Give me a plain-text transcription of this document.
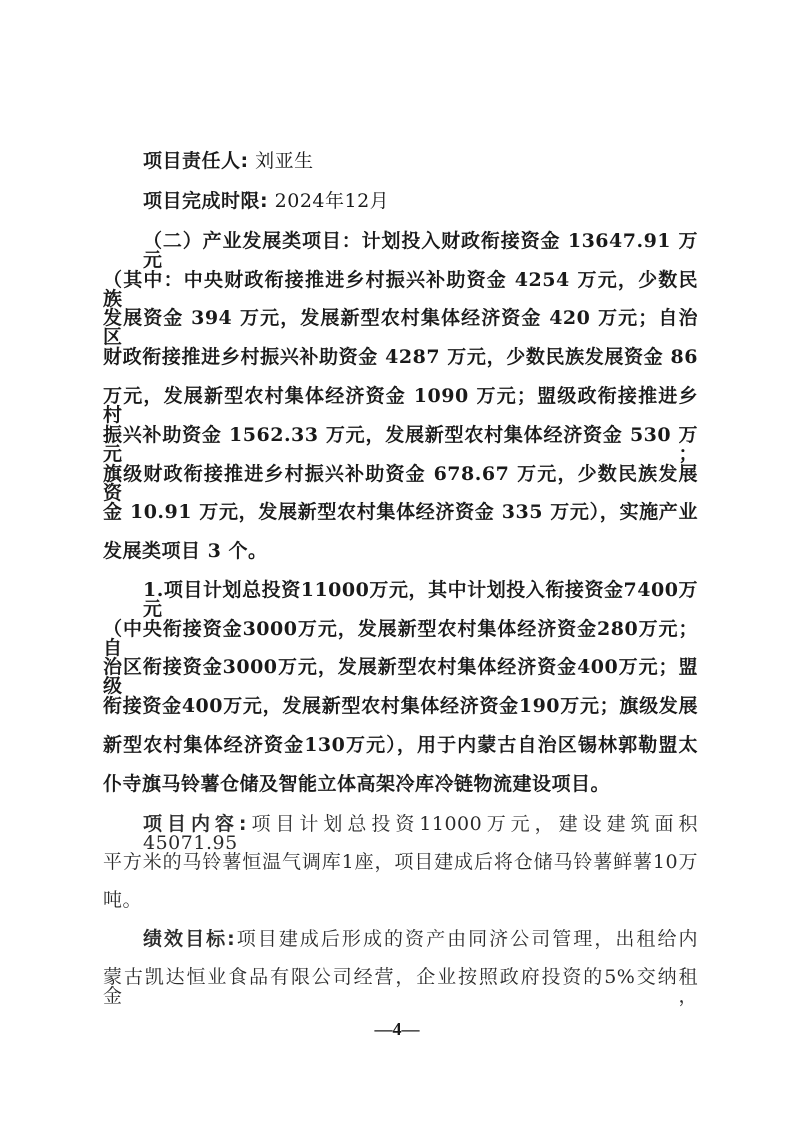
项目责任人: 刘亚生
项目完成时限: 2024年12月
（二）产业发展类项目：计划投入财政衔接资金 13647.91 万元
（其中：中央财政衔接推进乡村振兴补助资金 4254 万元，少数民族
发展资金 394 万元，发展新型农村集体经济资金 420 万元；自治区
财政衔接推进乡村振兴补助资金 4287 万元，少数民族发展资金 86
万元，发展新型农村集体经济资金 1090 万元；盟级政衔接推进乡村
振兴补助资金 1562.33 万元，发展新型农村集体经济资金 530 万元；
旗级财政衔接推进乡村振兴补助资金 678.67 万元，少数民族发展资
金 10.91 万元，发展新型农村集体经济资金 335 万元），实施产业
发展类项目 3 个。
1.项目计划总投资11000万元，其中计划投入衔接资金7400万元
（中央衔接资金3000万元，发展新型农村集体经济资金280万元；自
治区衔接资金3000万元，发展新型农村集体经济资金400万元；盟级
衔接资金400万元，发展新型农村集体经济资金190万元；旗级发展
新型农村集体经济资金130万元），用于内蒙古自治区锡林郭勒盟太
仆寺旗马铃薯仓储及智能立体高架冷库冷链物流建设项目。
项目内容:项目计划总投资11000万元，建设建筑面积45071.95
平方米的马铃薯恒温气调库1座，项目建成后将仓储马铃薯鲜薯10万
吨。
绩效目标:项目建成后形成的资产由同济公司管理，出租给内
蒙古凯达恒业食品有限公司经营，企业按照政府投资的5%交纳租金，
—4—
